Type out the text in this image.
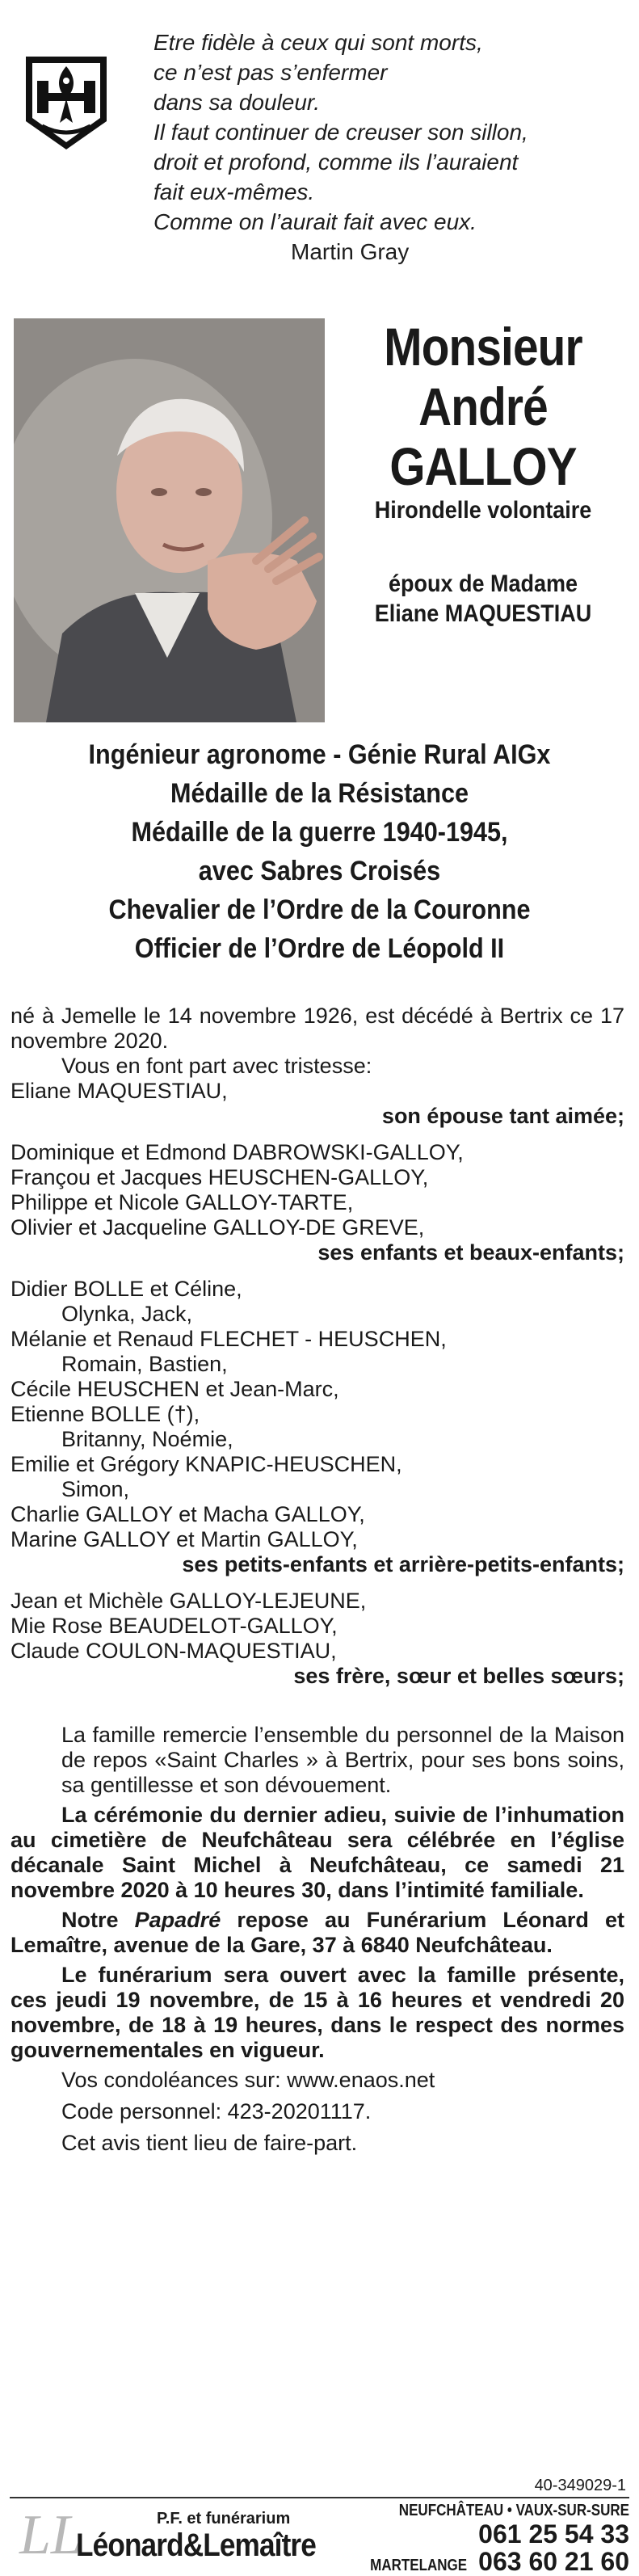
Etre fidèle à ceux qui sont morts,
ce n’est pas s’enfermer
dans sa douleur.
Il faut continuer de creuser son sillon,
droit et profond, comme ils l’auraient
fait eux-mêmes.
Comme on l’aurait fait avec eux.
Martin Gray
Monsieur
André
GALLOY
Hirondelle volontaire
époux de Madame
Eliane MAQUESTIAU
Ingénieur agronome - Génie Rural AIGx
Médaille de la Résistance
Médaille de la guerre 1940-1945,
avec Sabres Croisés
Chevalier de l’Ordre de la Couronne
Officier de l’Ordre de Léopold II
né à Jemelle le 14 novembre 1926, est décédé à Bertrix ce 17 novembre 2020.
Vous en font part avec tristesse:
Eliane MAQUESTIAU,
son épouse tant aimée;
Dominique et Edmond DABROWSKI-GALLOY,
Françou et Jacques HEUSCHEN-GALLOY,
Philippe et Nicole GALLOY-TARTE,
Olivier et Jacqueline GALLOY-DE GREVE,
ses enfants et beaux-enfants;
Didier BOLLE et Céline,
Olynka, Jack,
Mélanie et Renaud FLECHET - HEUSCHEN,
Romain, Bastien,
Cécile HEUSCHEN et Jean-Marc,
Etienne BOLLE (†),
Britanny, Noémie,
Emilie et Grégory KNAPIC-HEUSCHEN,
Simon,
Charlie GALLOY et Macha GALLOY,
Marine GALLOY et Martin GALLOY,
ses petits-enfants et arrière-petits-enfants;
Jean et Michèle GALLOY-LEJEUNE,
Mie Rose BEAUDELOT-GALLOY,
Claude COULON-MAQUESTIAU,
ses frère, sœur et belles sœurs;
La famille remercie l’ensemble du personnel de la Maison de repos «Saint Charles » à Bertrix, pour ses bons soins, sa gentillesse et son dévouement.
La cérémonie du dernier adieu, suivie de l’inhumation au cimetière de Neufchâteau sera célébrée en l’église décanale Saint Michel à Neufchâteau, ce samedi 21 novembre 2020 à 10 heures 30, dans l’intimité familiale.
Notre Papadré repose au Funérarium Léonard et Lemaître, avenue de la Gare, 37 à 6840 Neufchâteau.
Le funérarium sera ouvert avec la famille présente, ces jeudi 19 novembre, de 15 à 16 heures et vendredi 20 novembre, de 18 à 19 heures, dans le respect des normes gouvernementales en vigueur.
Vos condoléances sur: www.enaos.net
Code personnel: 423-20201117.
Cet avis tient lieu de faire-part.
40-349029-1
LL	P.F. et funérarium
Léonard&Lemaître
NEUFCHÂTEAU • VAUX-SUR-SURE
061 25 54 33
MARTELANGE 063 60 21 60
